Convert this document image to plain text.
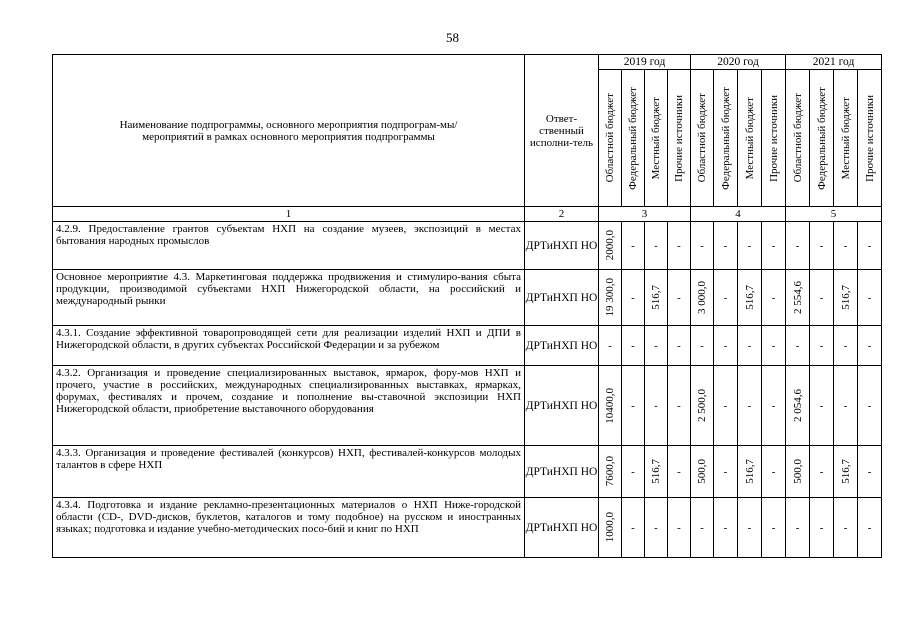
58
Наименование подпрограммы, основного мероприятия подпрограм-мы/мероприятий в рамках основного мероприятия подпрограммы	Ответ-ственный исполни-тель	2019 год				2020 год				2021 год			

		Областной бюджет	Федеральный бюджет	Местный бюджет	Прочие источники	Областной бюджет	Федеральный бюджет	Местный бюджет	Прочие источники	Областной бюджет	Федеральный бюджет	Местный бюджет	Прочие источники

1	2	3				4				5			
4.2.9. Предоставление грантов субъектам НХП на создание музеев, экспозиций в местах бытования народных промыслов	ДРТиНХП НО	2000,0	-	-	-	-	-	-	-	-	-	-	-
Основное мероприятие 4.3. Маркетинговая поддержка продвижения и стимулиро-вания сбыта продукции, производимой субъектами НХП Нижегородской области, на российский и международный рынки	ДРТиНХП НО	19 300,0	-	516,7	-	3 000,0	-	516,7	-	2 554,6	-	516,7	-
4.3.1. Создание эффективной товаропроводящей сети для реализации изделий НХП и ДПИ в Нижегородской области, в других субъектах Российской Федерации и за рубежом	ДРТиНХП НО	-	-	-	-	-	-	-	-	-	-	-	-
4.3.2. Организация и проведение специализированных выставок, ярмарок, фору-мов НХП и прочего, участие в российских, международных специализированных выставках, ярмарках, форумах, фестивалях и прочем, создание и пополнение вы-ставочной экспозиции НХП Нижегородской области, приобретение выставочного оборудования	ДРТиНХП НО	10400,0	-	-	-	2 500,0	-	-	-	2 054,6	-	-	-
4.3.3. Организация и проведение фестивалей (конкурсов) НХП, фестивалей-конкурсов молодых талантов в сфере НХП	ДРТиНХП НО	7600,0	-	516,7	-	500,0	-	516,7	-	500,0	-	516,7	-
4.3.4. Подготовка и издание рекламно-презентационных материалов о НХП Ниже-городской области (CD-, DVD-дисков, буклетов, каталогов и тому подобное) на русском и иностранных языках; подготовка и издание учебно-методических посо-бий и книг по НХП	ДРТиНХП НО	1000,0	-	-	-	-	-	-	-	-	-	-	-
